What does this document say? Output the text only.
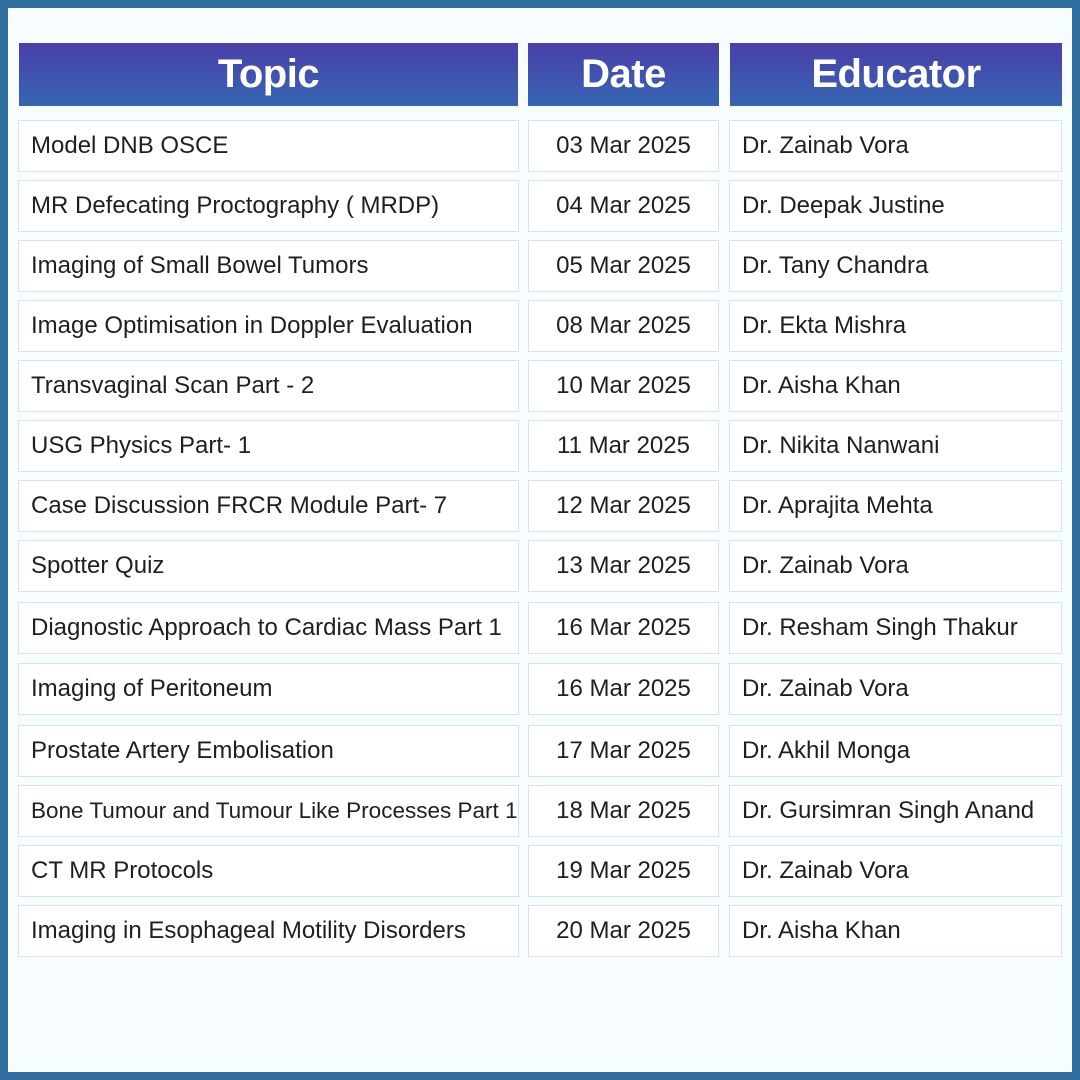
Topic	Date	Educator
Model DNB OSCE	03 Mar 2025	Dr. Zainab Vora
MR Defecating Proctography ( MRDP)	04 Mar 2025	Dr. Deepak Justine
Imaging of Small Bowel Tumors	05 Mar 2025	Dr. Tany Chandra
Image Optimisation in Doppler Evaluation	08 Mar 2025	Dr. Ekta Mishra
Transvaginal Scan Part - 2	10 Mar 2025	Dr. Aisha Khan
USG Physics Part- 1	11 Mar 2025	Dr. Nikita Nanwani
Case Discussion FRCR Module Part- 7	12 Mar 2025	Dr. Aprajita Mehta
Spotter Quiz	13 Mar 2025	Dr. Zainab Vora
Diagnostic Approach to Cardiac Mass Part 1	16 Mar 2025	Dr. Resham Singh Thakur
Imaging of Peritoneum	16 Mar 2025	Dr. Zainab Vora
Prostate Artery Embolisation	17 Mar 2025	Dr. Akhil Monga
Bone Tumour and Tumour Like Processes Part 1	18 Mar 2025	Dr. Gursimran Singh Anand
CT MR Protocols	19 Mar 2025	Dr. Zainab Vora
Imaging in Esophageal Motility Disorders	20 Mar 2025	Dr. Aisha Khan
